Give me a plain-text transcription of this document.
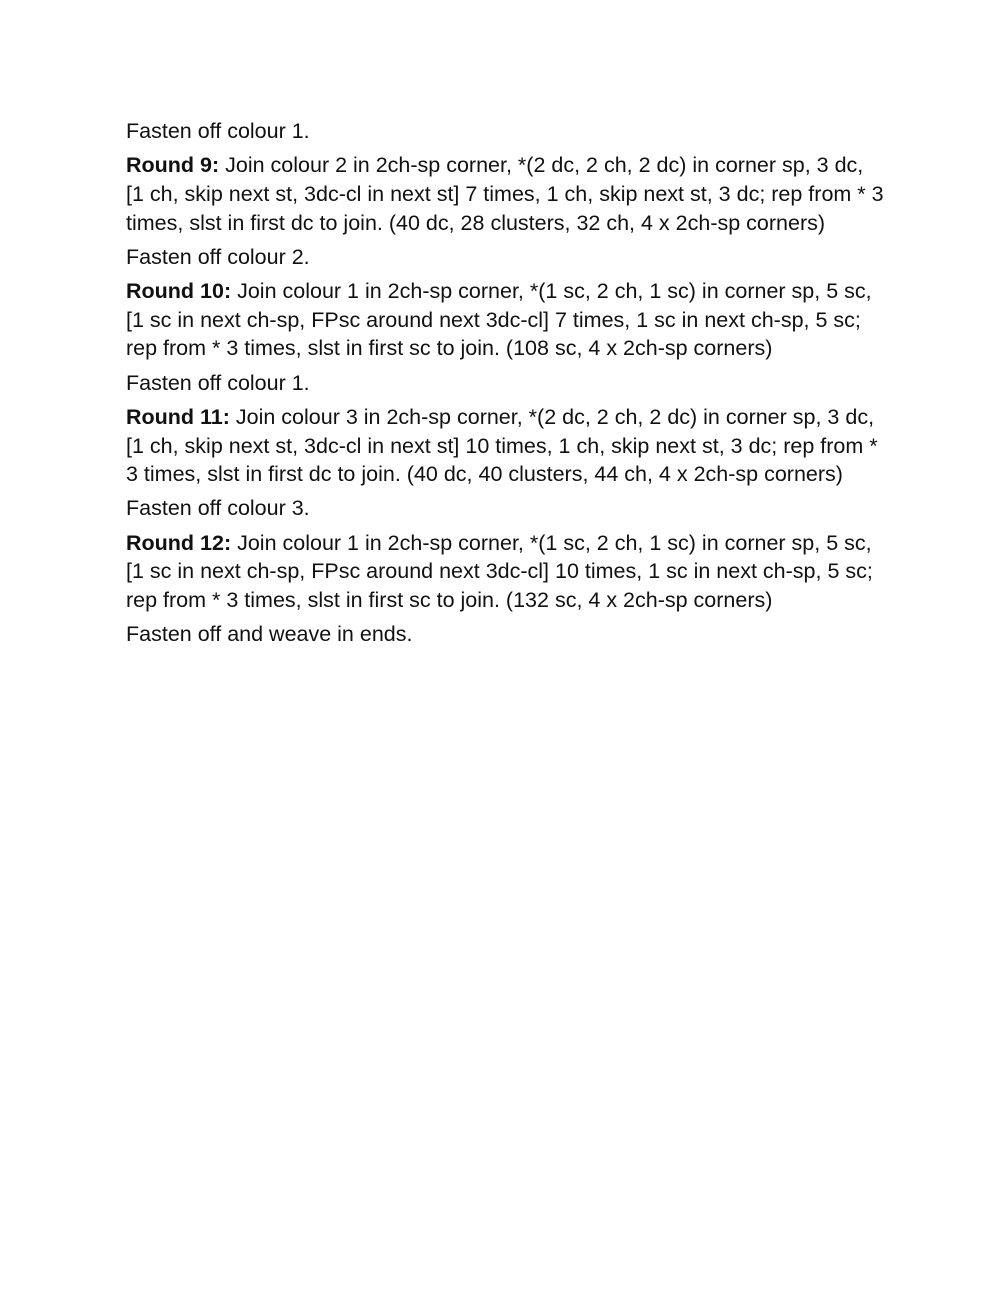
Fasten off colour 1.

Round 9: Join colour 2 in 2ch-sp corner, *(2 dc, 2 ch, 2 dc) in corner sp, 3 dc, [1 ch, skip next st, 3dc-cl in next st] 7 times, 1 ch, skip next st, 3 dc; rep from * 3 times, slst in first dc to join. (40 dc, 28 clusters, 32 ch, 4 x 2ch-sp corners)

Fasten off colour 2.

Round 10: Join colour 1 in 2ch-sp corner, *(1 sc, 2 ch, 1 sc) in corner sp, 5 sc, [1 sc in next ch-sp, FPsc around next 3dc-cl] 7 times, 1 sc in next ch-sp, 5 sc; rep from * 3 times, slst in first sc to join. (108 sc, 4 x 2ch-sp corners)

Fasten off colour 1.

Round 11: Join colour 3 in 2ch-sp corner, *(2 dc, 2 ch, 2 dc) in corner sp, 3 dc, [1 ch, skip next st, 3dc-cl in next st] 10 times, 1 ch, skip next st, 3 dc; rep from * 3 times, slst in first dc to join. (40 dc, 40 clusters, 44 ch, 4 x 2ch-sp corners)

Fasten off colour 3.

Round 12: Join colour 1 in 2ch-sp corner, *(1 sc, 2 ch, 1 sc) in corner sp, 5 sc, [1 sc in next ch-sp, FPsc around next 3dc-cl] 10 times, 1 sc in next ch-sp, 5 sc; rep from * 3 times, slst in first sc to join. (132 sc, 4 x 2ch-sp corners)

Fasten off and weave in ends.
